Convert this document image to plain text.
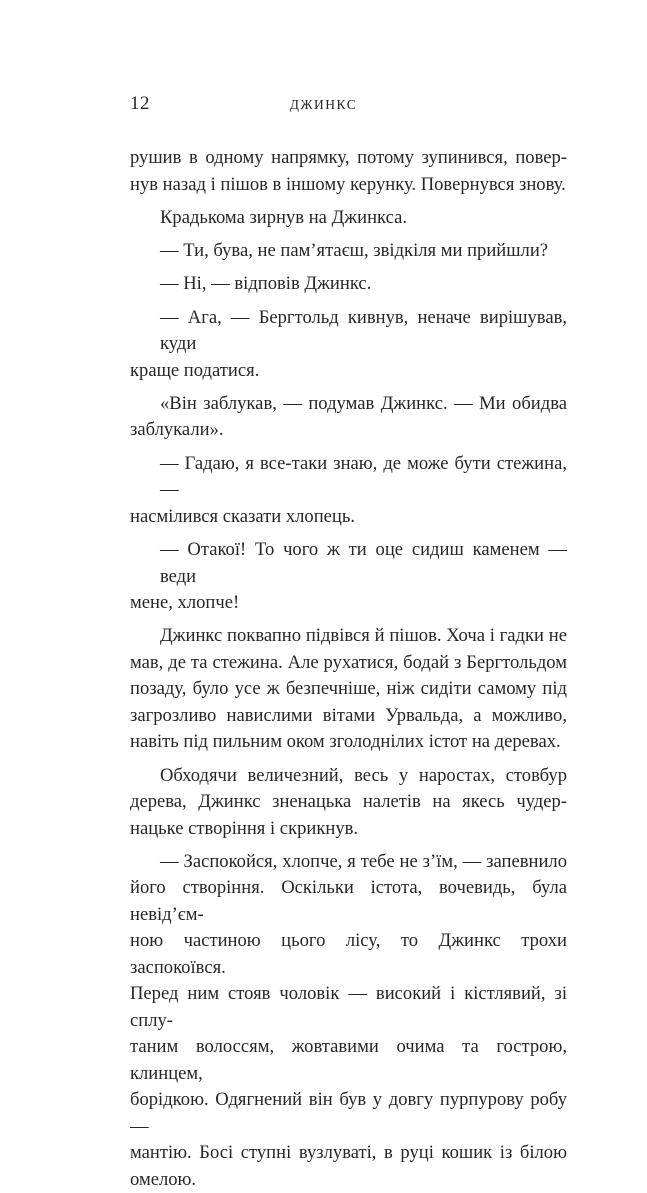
12	ДЖИНКС
рушив в одному напрямку, потому зупинився, повер-
нув назад і пішов в іншому керунку. Повернувся знову.
Крадькома зирнув на Джинкса.
— Ти, бува, не пам’ятаєш, звідкіля ми прийшли?
— Ні, — відповів Джинкс.
— Ага, — Бергтольд кивнув, неначе вирішував, куди
краще податися.
«Він заблукав, — подумав Джинкс. — Ми обидва
заблукали».
— Гадаю, я все-таки знаю, де може бути стежина, —
насмілився сказати хлопець.
— Отакої! То чого ж ти оце сидиш каменем — веди
мене, хлопче!
Джинкс поквапно підвівся й пішов. Хоча і гадки не
мав, де та стежина. Але рухатися, бодай з Бергтольдом
позаду, було усе ж безпечніше, ніж сидіти самому під
загрозливо навислими вітами Урвальда, а можливо,
навіть під пильним оком зголоднілих істот на деревах.
Обходячи величезний, весь у наростах, стовбур
дерева, Джинкс зненацька налетів на якесь чудер-
нацьке створіння і скрикнув.
— Заспокойся, хлопче, я тебе не з’їм, — запевнило
його створіння. Оскільки істота, вочевидь, була невід’єм-
ною частиною цього лісу, то Джинкс трохи заспокоївся.
Перед ним стояв чоловік — високий і кістлявий, зі сплу-
таним волоссям, жовтавими очима та гострою, клинцем,
борідкою. Одягнений він був у довгу пурпурову робу —
мантію. Босі ступні вузлуваті, в руці кошик із білою
омелою.
